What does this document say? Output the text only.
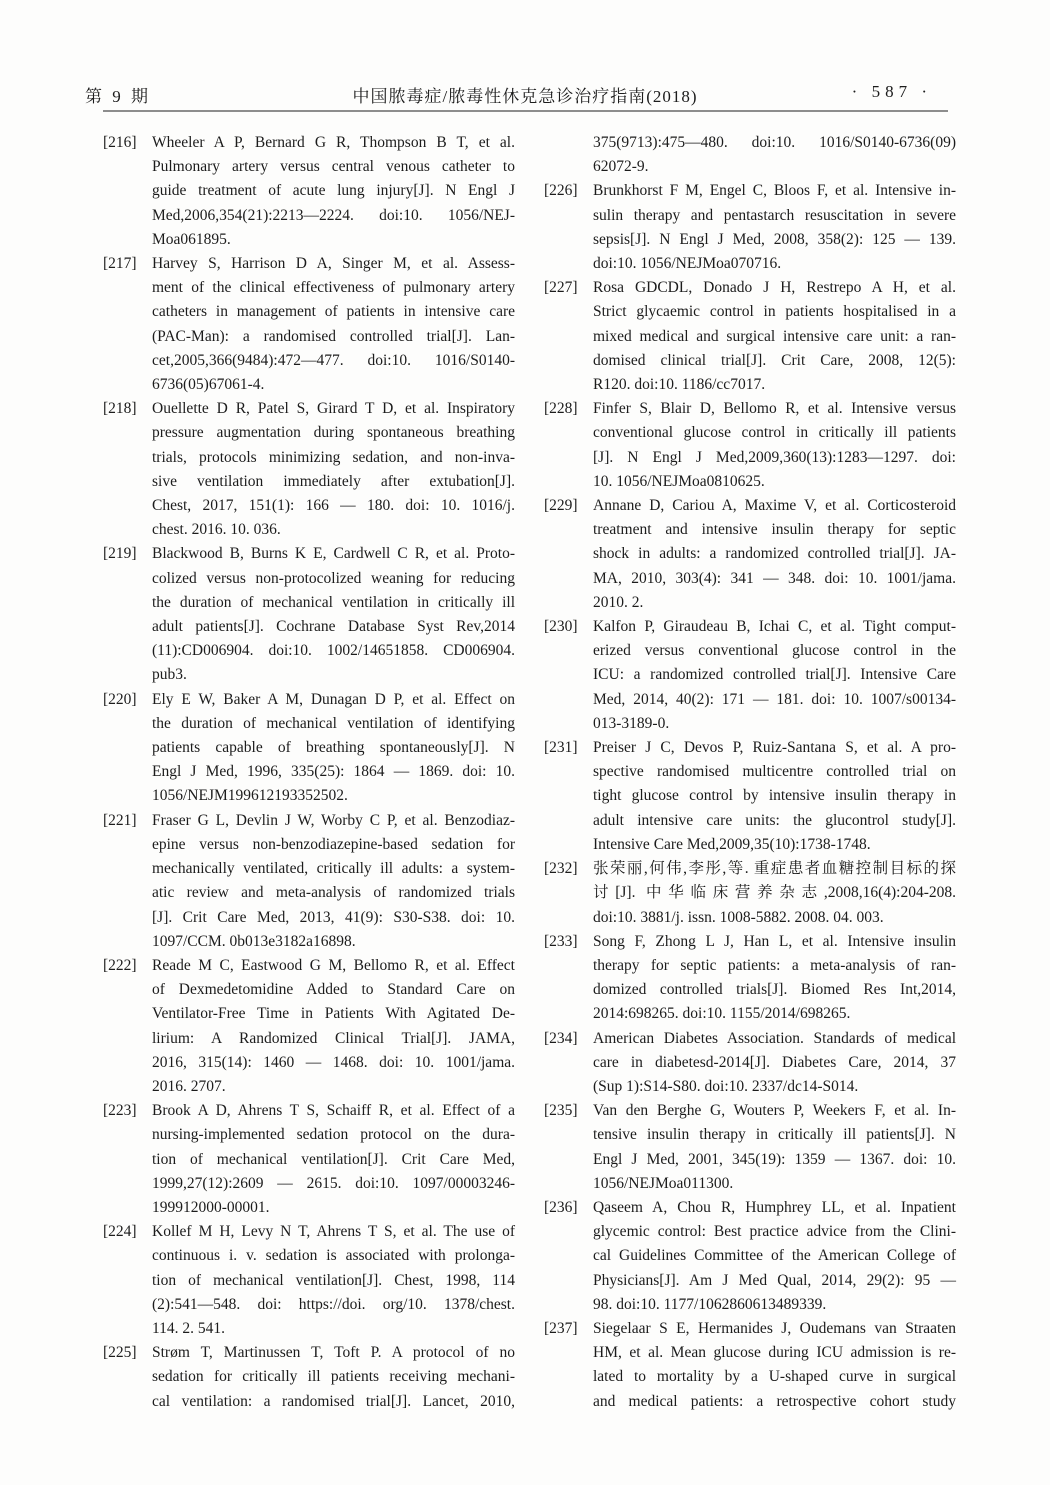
第 9 期	中国脓毒症/脓毒性休克急诊治疗指南(2018)	· 587 ·
[216] Wheeler A P, Bernard G R, Thompson B T, et al.
Pulmonary artery versus central venous catheter to
guide treatment of acute lung injury[J]. N Engl J
Med,2006,354(21):2213—2224. doi:10. 1056/NEJ-
Moa061895.
[217] Harvey S, Harrison D A, Singer M, et al. Assess-
ment of the clinical effectiveness of pulmonary artery
catheters in management of patients in intensive care
(PAC-Man): a randomised controlled trial[J]. Lan-
cet,2005,366(9484):472—477. doi:10. 1016/S0140-
6736(05)67061-4.
[218] Ouellette D R, Patel S, Girard T D, et al. Inspiratory
pressure augmentation during spontaneous breathing
trials, protocols minimizing sedation, and non-inva-
sive ventilation immediately after extubation[J].
Chest, 2017, 151(1): 166 — 180. doi: 10. 1016/j.
chest. 2016. 10. 036.
[219] Blackwood B, Burns K E, Cardwell C R, et al. Proto-
colized versus non-protocolized weaning for reducing
the duration of mechanical ventilation in critically ill
adult patients[J]. Cochrane Database Syst Rev,2014
(11):CD006904. doi:10. 1002/14651858. CD006904.
pub3.
[220] Ely E W, Baker A M, Dunagan D P, et al. Effect on
the duration of mechanical ventilation of identifying
patients capable of breathing spontaneously[J]. N
Engl J Med, 1996, 335(25): 1864 — 1869. doi: 10.
1056/NEJM199612193352502.
[221] Fraser G L, Devlin J W, Worby C P, et al. Benzodiaz-
epine versus non-benzodiazepine-based sedation for
mechanically ventilated, critically ill adults: a system-
atic review and meta-analysis of randomized trials
[J]. Crit Care Med, 2013, 41(9): S30-S38. doi: 10.
1097/CCM. 0b013e3182a16898.
[222] Reade M C, Eastwood G M, Bellomo R, et al. Effect
of Dexmedetomidine Added to Standard Care on
Ventilator-Free Time in Patients With Agitated De-
lirium: A Randomized Clinical Trial[J]. JAMA,
2016, 315(14): 1460 — 1468. doi: 10. 1001/jama.
2016. 2707.
[223] Brook A D, Ahrens T S, Schaiff R, et al. Effect of a
nursing-implemented sedation protocol on the dura-
tion of mechanical ventilation[J]. Crit Care Med,
1999,27(12):2609 — 2615. doi:10. 1097/00003246-
199912000-00001.
[224] Kollef M H, Levy N T, Ahrens T S, et al. The use of
continuous i. v. sedation is associated with prolonga-
tion of mechanical ventilation[J]. Chest, 1998, 114
(2):541—548. doi: https://doi. org/10. 1378/chest.
114. 2. 541.
[225] Strøm T, Martinussen T, Toft P. A protocol of no
sedation for critically ill patients receiving mechani-
cal ventilation: a randomised trial[J]. Lancet, 2010,
375(9713):475—480. doi:10. 1016/S0140-6736(09)
62072-9.
[226] Brunkhorst F M, Engel C, Bloos F, et al. Intensive in-
sulin therapy and pentastarch resuscitation in severe
sepsis[J]. N Engl J Med, 2008, 358(2): 125 — 139.
doi:10. 1056/NEJMoa070716.
[227] Rosa GDCDL, Donado J H, Restrepo A H, et al.
Strict glycaemic control in patients hospitalised in a
mixed medical and surgical intensive care unit: a ran-
domised clinical trial[J]. Crit Care, 2008, 12(5):
R120. doi:10. 1186/cc7017.
[228] Finfer S, Blair D, Bellomo R, et al. Intensive versus
conventional glucose control in critically ill patients
[J]. N Engl J Med,2009,360(13):1283—1297. doi:
10. 1056/NEJMoa0810625.
[229] Annane D, Cariou A, Maxime V, et al. Corticosteroid
treatment and intensive insulin therapy for septic
shock in adults: a randomized controlled trial[J]. JA-
MA, 2010, 303(4): 341 — 348. doi: 10. 1001/jama.
2010. 2.
[230] Kalfon P, Giraudeau B, Ichai C, et al. Tight comput-
erized versus conventional glucose control in the
ICU: a randomized controlled trial[J]. Intensive Care
Med, 2014, 40(2): 171 — 181. doi: 10. 1007/s00134-
013-3189-0.
[231] Preiser J C, Devos P, Ruiz-Santana S, et al. A pro-
spective randomised multicentre controlled trial on
tight glucose control by intensive insulin therapy in
adult intensive care units: the glucontrol study[J].
Intensive Care Med,2009,35(10):1738-1748.
[232] 张荣丽,何伟,李彤,等. 重症患者血糖控制目标的探
讨[J]. 中华临床营养杂志,2008,16(4):204-208.
doi:10. 3881/j. issn. 1008-5882. 2008. 04. 003.
[233] Song F, Zhong L J, Han L, et al. Intensive insulin
therapy for septic patients: a meta-analysis of ran-
domized controlled trials[J]. Biomed Res Int,2014,
2014:698265. doi:10. 1155/2014/698265.
[234] American Diabetes Association. Standards of medical
care in diabetesd-2014[J]. Diabetes Care, 2014, 37
(Sup 1):S14-S80. doi:10. 2337/dc14-S014.
[235] Van den Berghe G, Wouters P, Weekers F, et al. In-
tensive insulin therapy in critically ill patients[J]. N
Engl J Med, 2001, 345(19): 1359 — 1367. doi: 10.
1056/NEJMoa011300.
[236] Qaseem A, Chou R, Humphrey LL, et al. Inpatient
glycemic control: Best practice advice from the Clini-
cal Guidelines Committee of the American College of
Physicians[J]. Am J Med Qual, 2014, 29(2): 95 —
98. doi:10. 1177/1062860613489339.
[237] Siegelaar S E, Hermanides J, Oudemans van Straaten
HM, et al. Mean glucose during ICU admission is re-
lated to mortality by a U-shaped curve in surgical
and medical patients: a retrospective cohort study
